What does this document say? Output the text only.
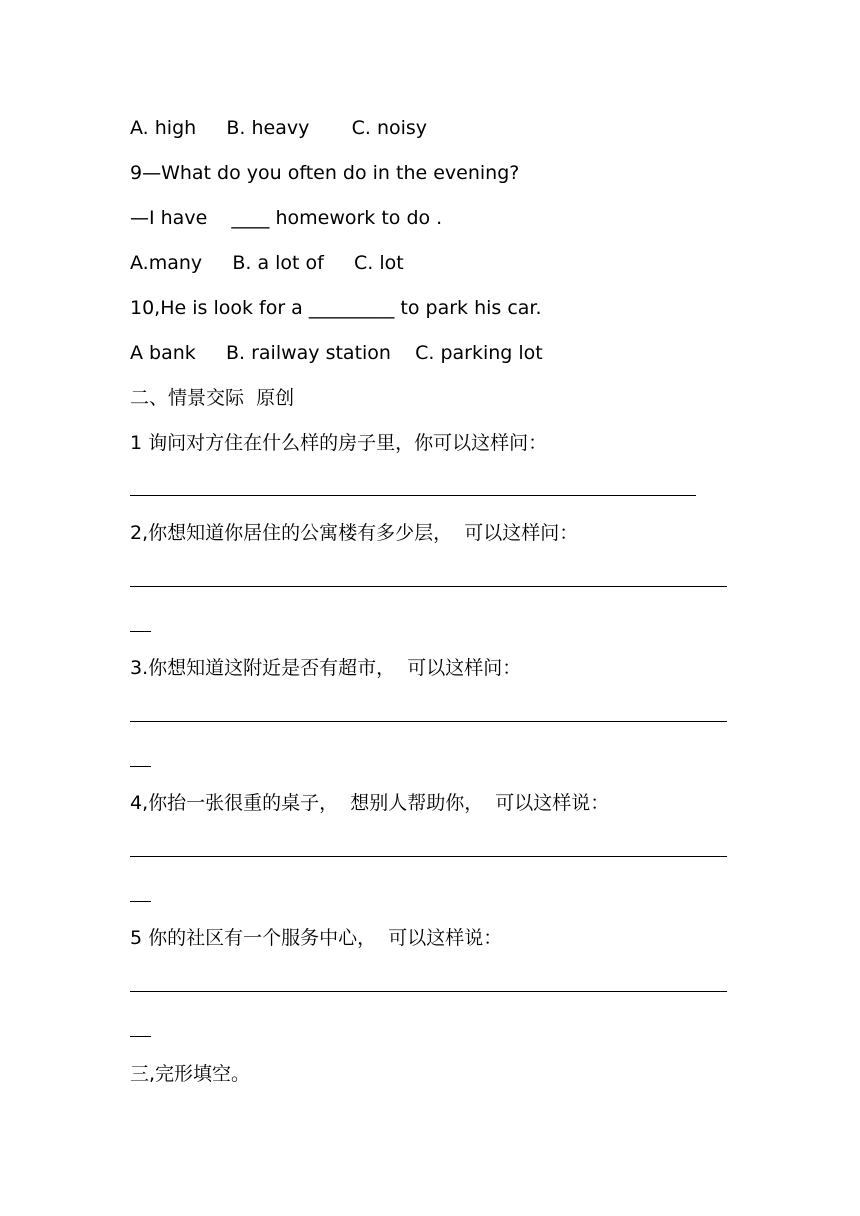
A. high     B. heavy       C. noisy
9—What do you often do in the evening?
—I have    ____ homework to do .
A.many     B. a lot of     C. lot
10,He is look for a _________ to park his car.
A bank     B. railway station    C. parking lot
二、情景交际  原创
1 询问对方住在什么样的房子里，你可以这样问：
2,你想知道你居住的公寓楼有多少层，  可以这样问：
3.你想知道这附近是否有超市，  可以这样问：
4,你抬一张很重的桌子，  想别人帮助你，  可以这样说：
5 你的社区有一个服务中心，  可以这样说：
三,完形填空。
